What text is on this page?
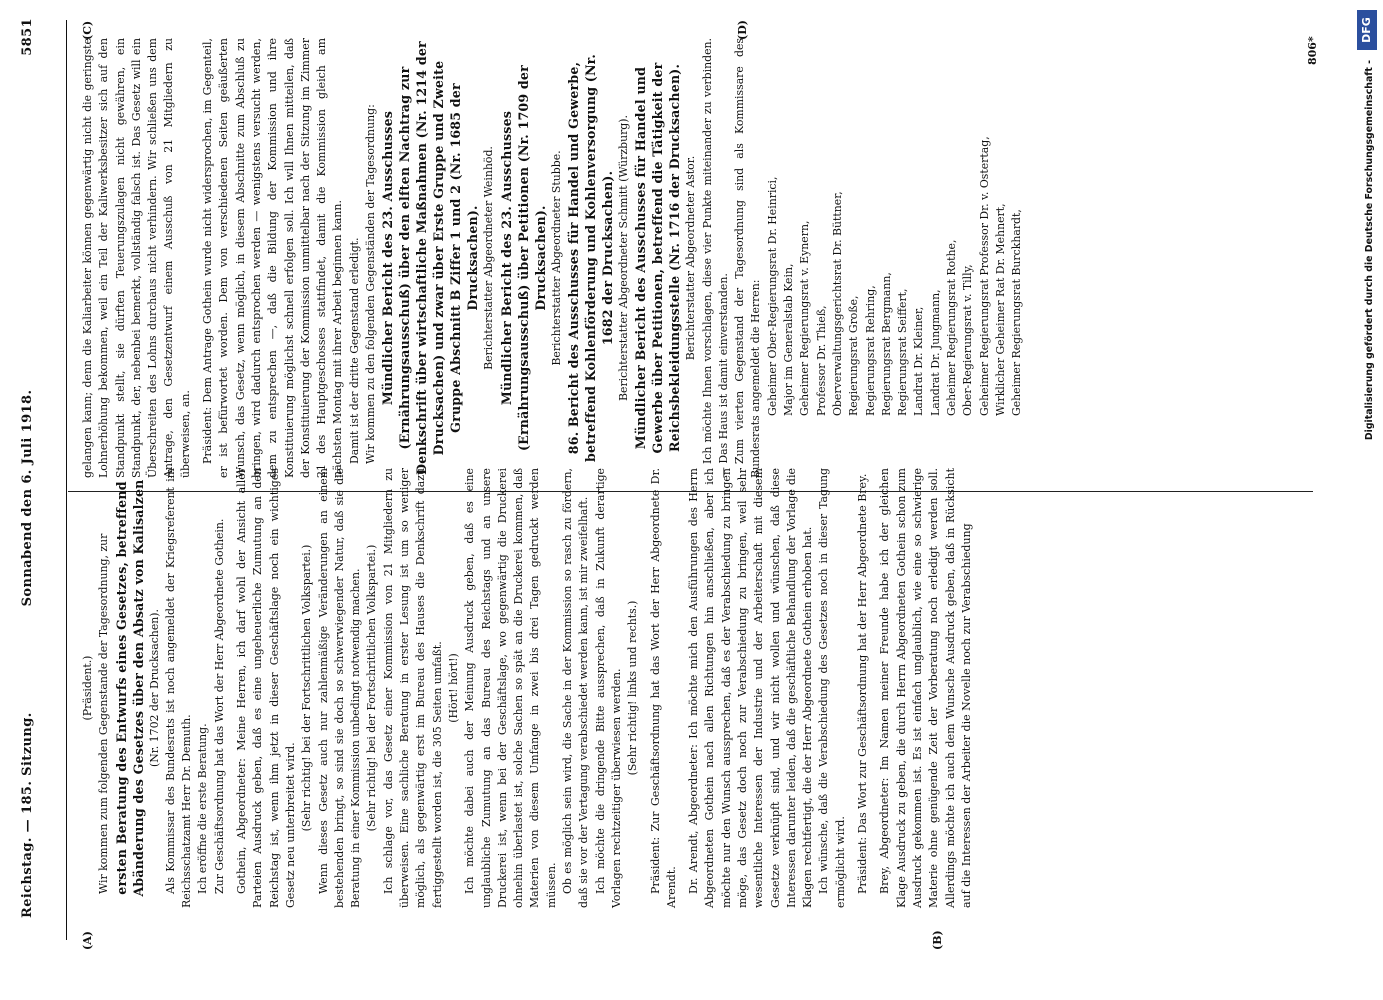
Reichstag. — 185. Sitzung.
Sonnabend den 6. Juli 1918.
5851
(A)	(B)
(C)	(D)

(Präsident.) Wir kommen zum folgenden Gegenstande der Tagesordnung, zur ersten Beratung des Entwurfs eines Gesetzes, betreffend Abänderung des Gesetzes über den Absatz von Kalisalzen (Nr. 1702 der Drucksachen). Als Kommissar des Bundesrats ist noch angemeldet der Kriegsreferent im Reichsschatzamt Herr Dr. Demuth. Ich eröffne die erste Beratung. Zur Geschäftsordnung hat das Wort der Herr Abgeordnete Gothein. Gothein, Abgeordneter: Meine Herren, ich darf wohl der Ansicht aller Parteien Ausdruck geben, daß es eine ungeheuerliche Zumutung an den Reichstag ist, wenn ihm jetzt in dieser Geschäftslage noch ein wichtiges Gesetz neu unterbreitet wird. (Sehr richtig! bei der Fortschrittlichen Volkspartei.) Wenn dieses Gesetz auch nur zahlenmäßige Veränderungen an einem bestehenden bringt, so sind sie doch so schwerwiegender Natur, daß sie die Beratung in einer Kommission unbedingt notwendig machen. (Sehr richtig! bei der Fortschrittlichen Volkspartei.) Ich schlage vor, das Gesetz einer Kommission von 21 Mitgliedern zu überweisen. Eine sachliche Beratung in erster Lesung ist um so weniger möglich, als gegenwärtig erst im Bureau des Hauses die Denkschrift dazu fertiggestellt worden ist, die 305 Seiten umfaßt. (Hört! hört!) Ich möchte dabei auch der Meinung Ausdruck geben, daß es eine unglaubliche Zumutung an das Bureau des Reichstags und an unsere Druckerei ist, wenn bei der Geschäftslage, wo gegenwärtig die Druckerei ohnehin überlastet ist, solche Sachen so spät an die Druckerei kommen, daß Materien von diesem Umfange in zwei bis drei Tagen gedruckt werden müssen. Ob es möglich sein wird, die Sache in der Kommission so rasch zu fördern, daß sie vor der Vertagung verabschiedet werden kann, ist mir zweifelhaft. Ich möchte die dringende Bitte aussprechen, daß in Zukunft derartige Vorlagen rechtzeitiger überwiesen werden. (Sehr richtig! links und rechts.) Präsident: Zur Geschäftsordnung hat das Wort der Herr Abgeordnete Dr. Arendt. Dr. Arendt, Abgeordneter: Ich möchte mich den Ausführungen des Herrn Abgeordneten Gothein nach allen Richtungen hin anschließen, aber ich möchte nur den Wunsch aussprechen, daß es der Verabschiedung zu bringen möge, das Gesetz doch noch zur Verabschiedung zu bringen, weil sehr wesentliche Interessen der Industrie und der Arbeiterschaft mit diesem Gesetze verknüpft sind, und wir nicht wollen und wünschen, daß diese Interessen darunter leiden, daß die geschäftliche Behandlung der Vorlage die Klagen rechtfertigt, die der Herr Abgeordnete Gothein erhoben hat. Ich wünsche, daß die Verabschiedung des Gesetzes noch in dieser Tagung ermöglicht wird. Präsident: Das Wort zur Geschäftsordnung hat der Herr Abgeordnete Brey. Brey, Abgeordneter: Im Namen meiner Freunde habe ich der gleichen Klage Ausdruck zu geben, die durch Herrn Abgeordneten Gothein schon zum Ausdruck gekommen ist. Es ist einfach unglaublich, wie eine so schwierige Materie ohne genügende Zeit der Vorberatung noch erledigt werden soll. Allerdings möchte ich auch dem Wunsche Ausdruck geben, daß in Rücksicht auf die Interessen der Arbeiter die Novelle noch zur Verabschiedung

gelangen kann; denn die Kaliarbeiter können gegenwärtig nicht die geringste Lohnerhöhung bekommen, weil ein Teil der Kaliwerksbesitzer sich auf den Standpunkt stellt, sie dürften Teuerungszulagen nicht gewähren, ein Standpunkt, der, nebenbei bemerkt, vollständig falsch ist. Das Gesetz will ein Überschreiten des Lohns durchaus nicht verhindern. Wir schließen uns dem Antrage, den Gesetzentwurf einem Ausschuß von 21 Mitgliedern zu überweisen, an. Präsident: Dem Antrage Gothein wurde nicht widersprochen, im Gegenteil, er ist befürwortet worden. Dem von verschiedenen Seiten geäußerten Wunsch, das Gesetz, wenn möglich, in diesem Abschnitte zum Abschluß zu bringen, wird dadurch entsprochen werden — wenigstens versucht werden, dem zu entsprechen —, daß die Bildung der Kommission und ihre Konstituierung möglichst schnell erfolgen soll. Ich will Ihnen mitteilen, daß der Konstituierung der Kommission unmittelbar nach der Sitzung im Zimmer 21 des Hauptgeschosses stattfindet, damit die Kommission gleich am nächsten Montag mit ihrer Arbeit beginnen kann. Damit ist der dritte Gegenstand erledigt. Wir kommen zu den folgenden Gegenständen der Tagesordnung: Mündlicher Bericht des 23. Ausschusses (Ernährungsausschuß) über den elften Nachtrag zur Denkschrift über wirtschaftliche Maßnahmen (Nr. 1214 der Drucksachen) und zwar über Erste Gruppe und Zweite Gruppe Abschnitt B Ziffer 1 und 2 (Nr. 1685 der Drucksachen). Berichterstatter Abgeordneter Weinhöd. Mündlicher Bericht des 23. Ausschusses (Ernährungsausschuß) über Petitionen (Nr. 1709 der Drucksachen). Berichterstatter Abgeordneter Stubbe. 86. Bericht des Ausschusses für Handel und Gewerbe, betreffend Kohlenförderung und Kohlenversorgung (Nr. 1682 der Drucksachen). Berichterstatter Abgeordneter Schmitt (Würzburg). Mündlicher Bericht des Ausschusses für Handel und Gewerbe über Petitionen, betreffend die Tätigkeit der Reichsbekleidungsstelle (Nr. 1716 der Drucksachen). Berichterstatter Abgeordneter Astor. Ich möchte Ihnen vorschlagen, diese vier Punkte miteinander zu verbinden. — Das Haus ist damit einverstanden. Zum vierten Gegenstand der Tagesordnung sind als Kommissare des Bundesrats angemeldet die Herren: Geheimer Ober-Regierungsrat Dr. Heinrici, Major im Generalstab Kein, Geheimer Regierungsrat v. Eynern, Professor Dr. Thieß, Oberverwaltungsgerichtsrat Dr. Büttner, Regierungsrat Große, Regierungsrat Rehring, Regierungsrat Bergmann, Regierungsrat Seiffert, Landrat Dr. Kleiner, Landrat Dr. Jungmann, Geheimer Regierungsrat Rothe, Ober-Regierungsrat v. Tilly, Geheimer Regierungsrat Professor Dr. v. Ostertag, Wirklicher Geheimer Rat Dr. Mehnert, Geheimer Regierungsrat Burckhardt,

806*
Digitalisierung gefördert durch die Deutsche Forschungsgemeinschaft -
DFG
